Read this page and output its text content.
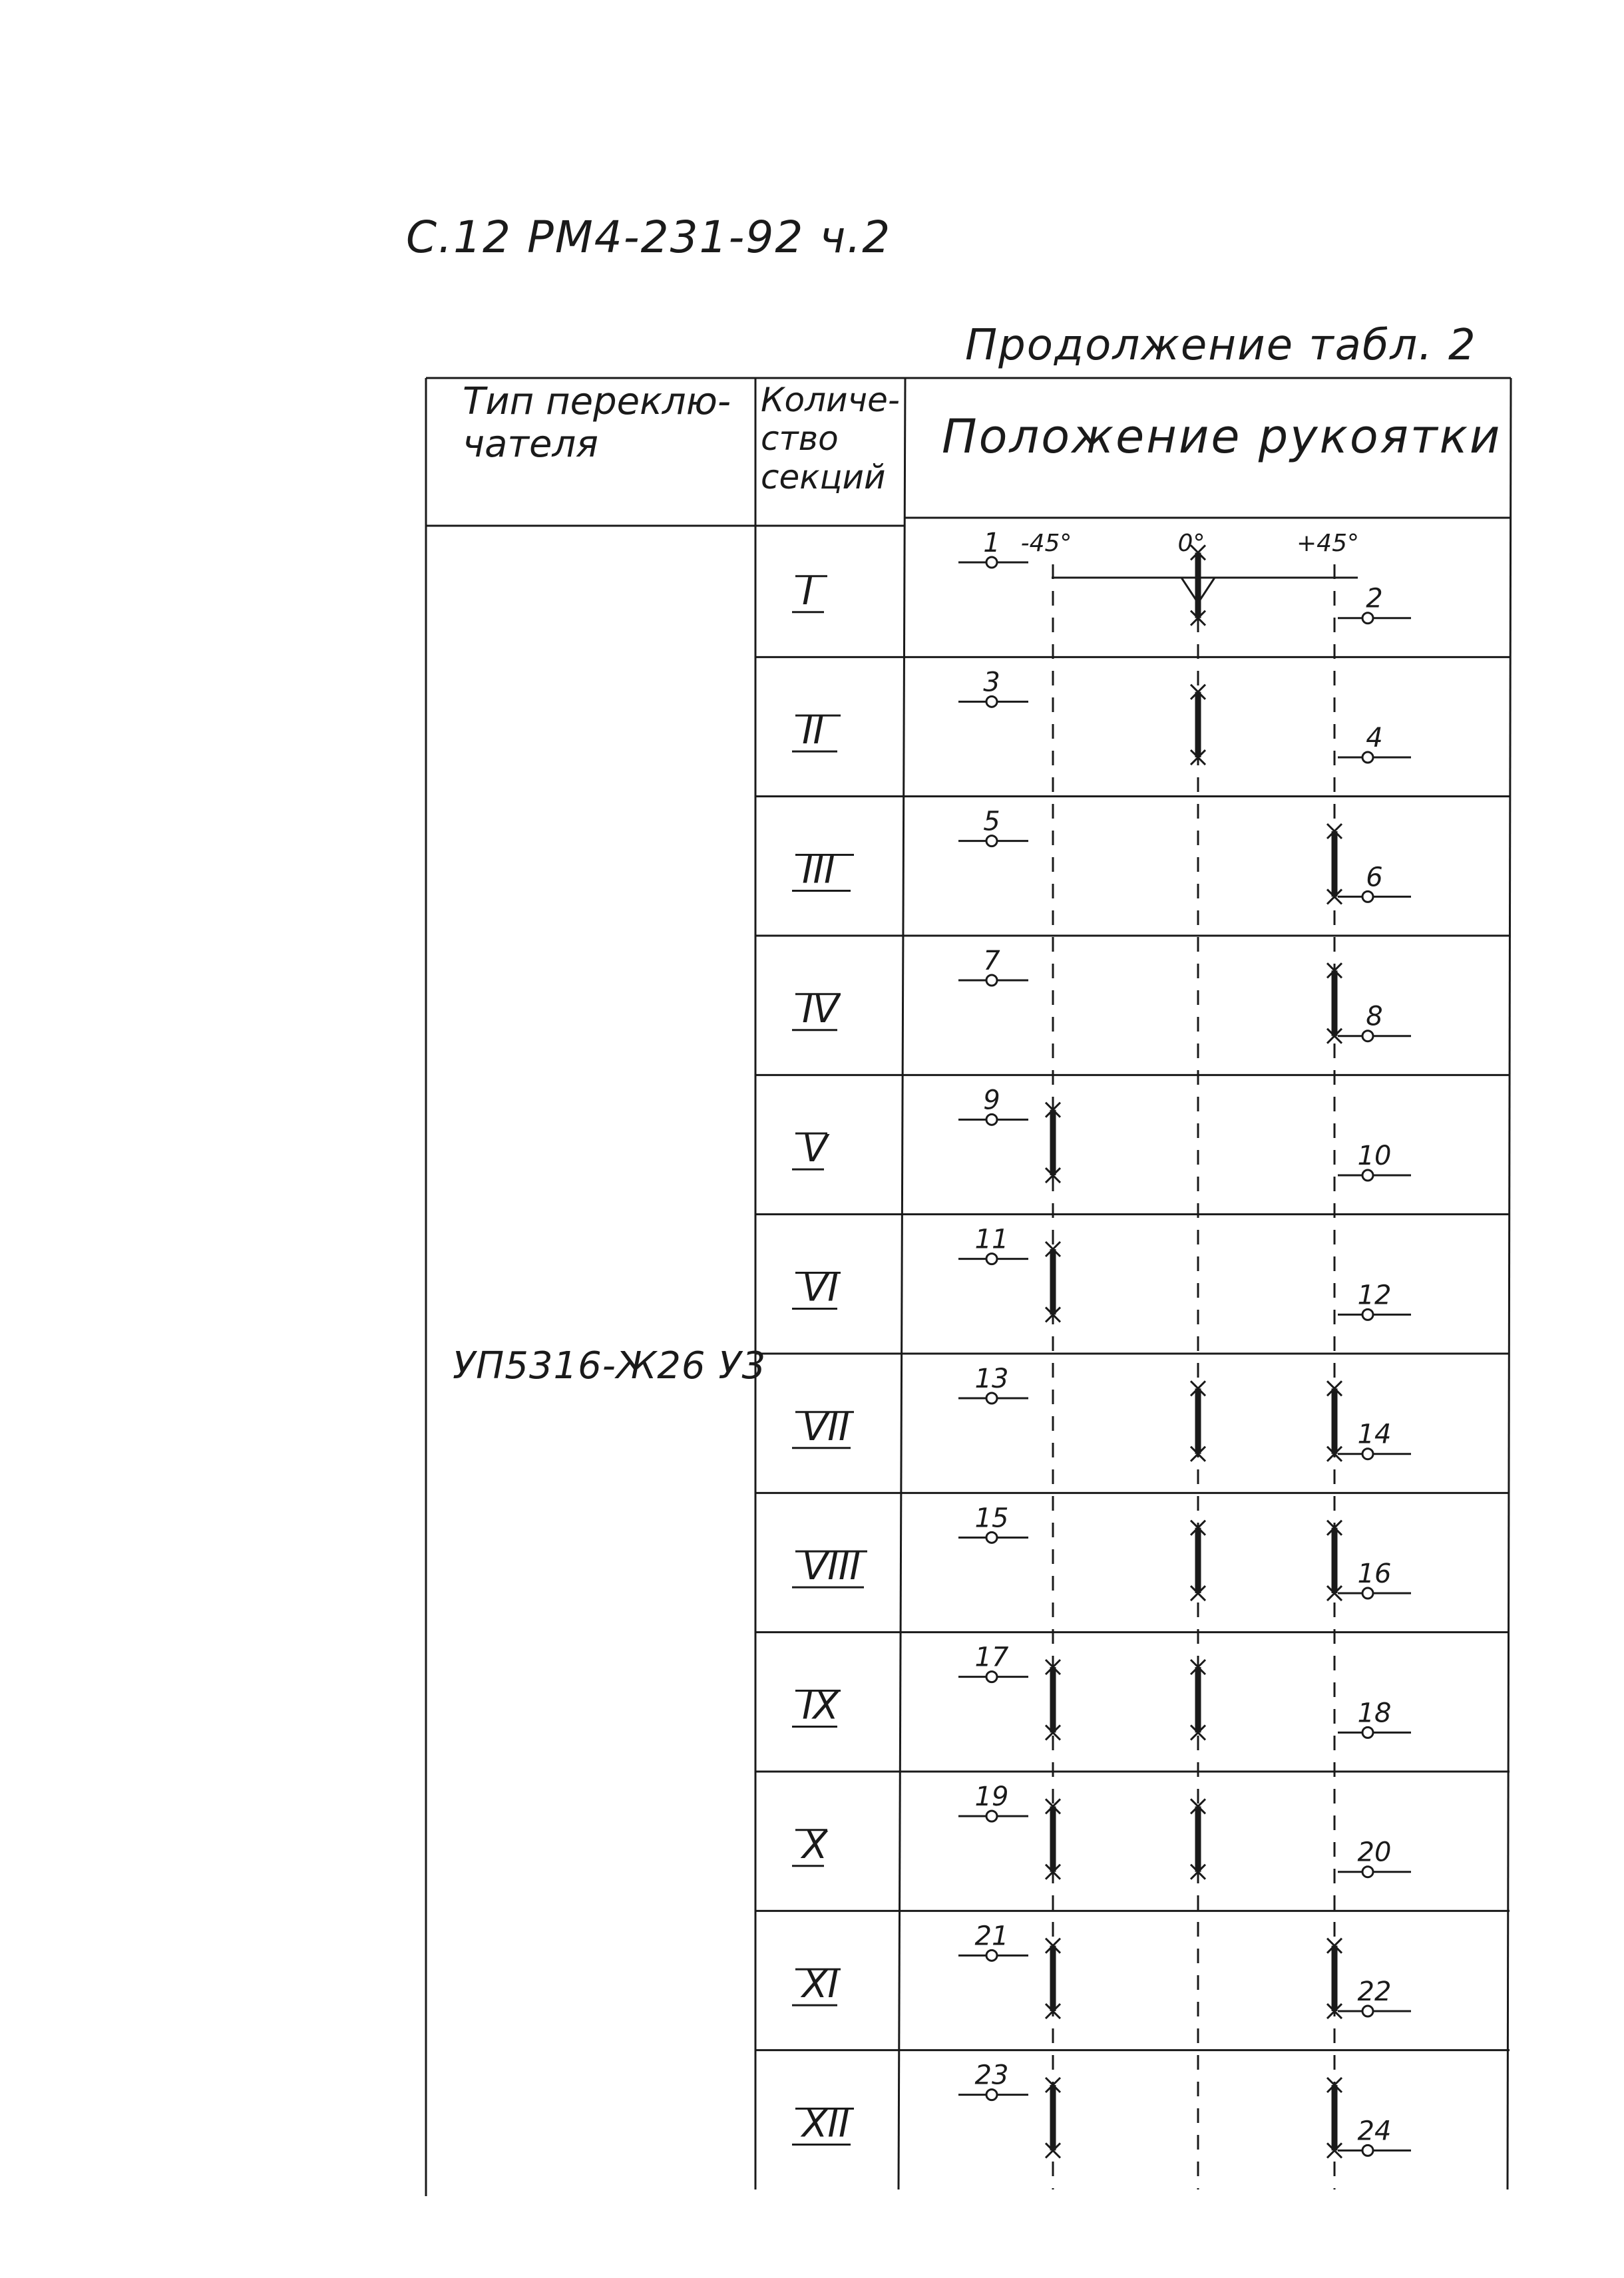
С.12 РМ4-231-92 ч.2
Продолжение табл. 2
Тип переклю-
чателя
Количе-
ство
секций
Положение рукоятки
УП5316-Ж26 У3
I
1
2
II
3
4
III
5
6
IV
7
8
V
9
10
VI
11
12
VII
13
14
VIII
15
16
IX
17
18
X
19
20
XI
21
22
XII
23
24
-45°	0°	+45°
